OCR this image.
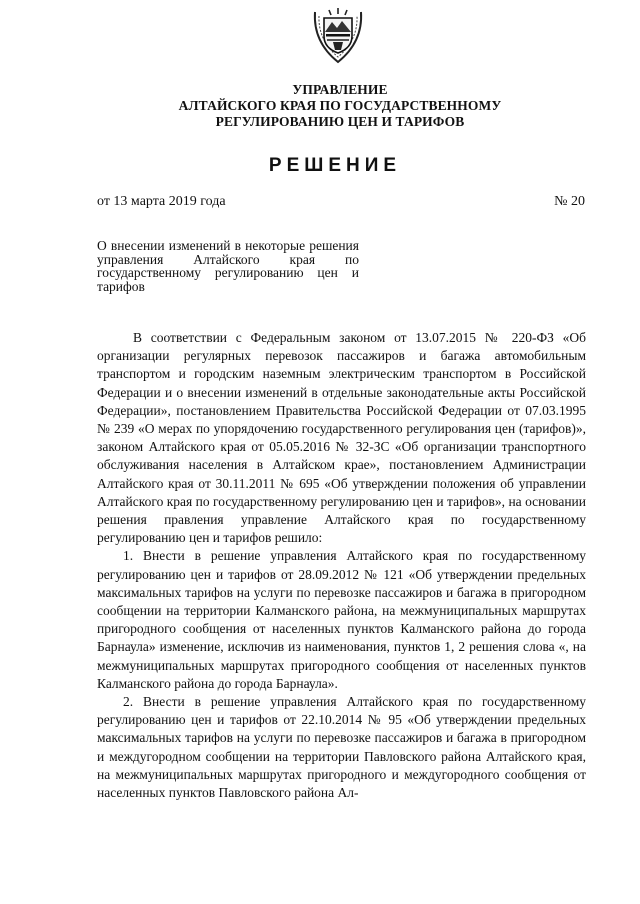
УПРАВЛЕНИЕ
АЛТАЙСКОГО КРАЯ ПО ГОСУДАРСТВЕННОМУ
РЕГУЛИРОВАНИЮ ЦЕН И ТАРИФОВ
РЕШЕНИЕ
от 13 марта 2019 года	№ 20
О внесении изменений в некоторые решения управления Алтайского края по государственному регулированию цен и тарифов

В соответствии с Федеральным законом от 13.07.2015 № 220-ФЗ «Об организации регулярных перевозок пассажиров и багажа автомобильным транспортом и городским наземным электрическим транспортом в Российской Федерации и о внесении изменений в отдельные законодательные акты Российской Федерации», постановлением Правительства Российской Федерации от 07.03.1995 № 239 «О мерах по упорядочению государственного регулирования цен (тарифов)», законом Алтайского края от 05.05.2016 № 32-ЗС «Об организации транспортного обслуживания населения в Алтайском крае», постановлением Администрации Алтайского края от 30.11.2011 № 695 «Об утверждении положения об управлении Алтайского края по государственному регулированию цен и тарифов», на основании решения правления управление Алтайского края по государственному регулированию цен и тарифов решило:

1. Внести в решение управления Алтайского края по государственному регулированию цен и тарифов от 28.09.2012 № 121 «Об утверждении предельных максимальных тарифов на услуги по перевозке пассажиров и багажа в пригородном сообщении на территории Калманского района, на межмуниципальных маршрутах пригородного сообщения от населенных пунктов Калманского района до города Барнаула» изменение, исключив из наименования, пунктов 1, 2 решения слова «, на межмуниципальных маршрутах пригородного сообщения от населенных пунктов Калманского района до города Барнаула».

2. Внести в решение управления Алтайского края по государственному регулированию цен и тарифов от 22.10.2014 № 95 «Об утверждении предельных максимальных тарифов на услуги по перевозке пассажиров и багажа в пригородном и междугородном сообщении на территории Павловского района Алтайского края, на межмуниципальных маршрутах пригородного и междугородного сообщения от населенных пунктов Павловского района Ал-
